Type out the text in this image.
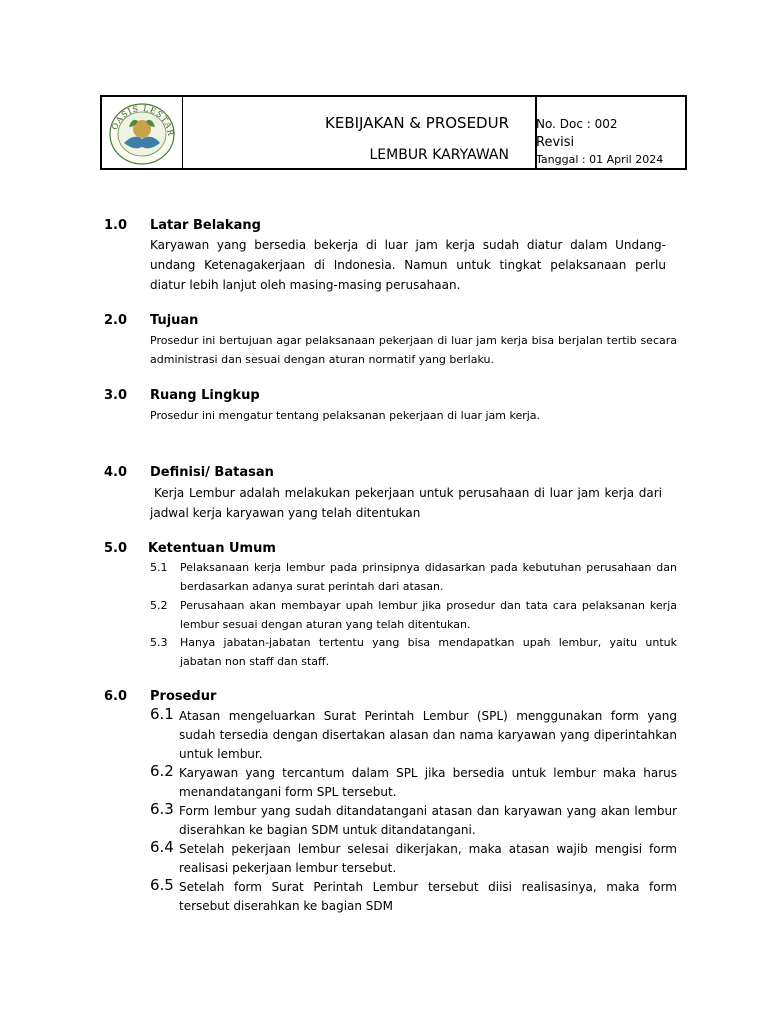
OASIS LESTAR
KEBIJAKAN & PROSEDUR
LEMBUR KARYAWAN
No. Doc : 002
Revisi
Tanggal : 01 April 2024
1.0 Latar Belakang
Karyawan yang bersedia bekerja di luar jam kerja sudah diatur dalam Undang-undang Ketenagakerjaan di Indonesia. Namun untuk tingkat pelaksanaan perlu diatur lebih lanjut oleh masing-masing perusahaan.
2.0 Tujuan
Prosedur ini bertujuan agar pelaksanaan pekerjaan di luar jam kerja bisa berjalan tertib secara administrasi dan sesuai dengan aturan normatif yang berlaku.
3.0 Ruang Lingkup
Prosedur ini mengatur tentang pelaksanan pekerjaan di luar jam kerja.
4.0 Definisi/ Batasan
Kerja Lembur adalah melakukan pekerjaan untuk perusahaan di luar jam kerja dari jadwal kerja karyawan yang telah ditentukan
5.0 Ketentuan Umum
5.1 Pelaksanaan kerja lembur pada prinsipnya didasarkan pada kebutuhan perusahaan dan berdasarkan adanya surat perintah dari atasan.
5.2 Perusahaan akan membayar upah lembur jika prosedur dan tata cara pelaksanan kerja lembur sesuai dengan aturan yang telah ditentukan.
5.3 Hanya jabatan-jabatan tertentu yang bisa mendapatkan upah lembur, yaitu untuk jabatan non staff dan staff.
6.0 Prosedur
6.1 Atasan mengeluarkan Surat Perintah Lembur (SPL) menggunakan form yang sudah tersedia dengan disertakan alasan dan nama karyawan yang diperintahkan untuk lembur.
6.2 Karyawan yang tercantum dalam SPL jika bersedia untuk lembur maka harus menandatangani form SPL tersebut.
6.3 Form lembur yang sudah ditandatangani atasan dan karyawan yang akan lembur diserahkan ke bagian SDM untuk ditandatangani.
6.4 Setelah pekerjaan lembur selesai dikerjakan, maka atasan wajib mengisi form realisasi pekerjaan lembur tersebut.
6.5 Setelah form Surat Perintah Lembur tersebut diisi realisasinya, maka form tersebut diserahkan ke bagian SDM
